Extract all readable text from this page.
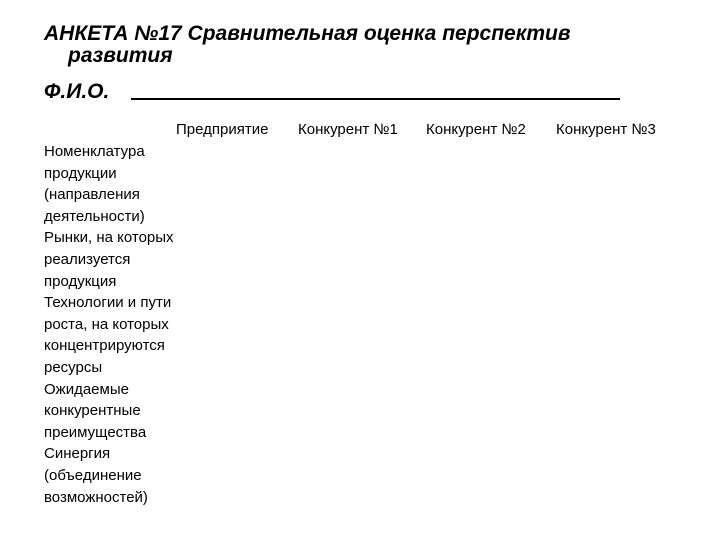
АНКЕТА №17 Сравнительная оценка перспектив
развития
Ф.И.О.
Предприятие Конкурент №1 Конкурент №2 Конкурент №3
Номенклатура
продукции
(направления
деятельности)
Рынки, на которых
реализуется
продукция
Технологии и пути
роста, на которых
концентрируются
ресурсы
Ожидаемые
конкурентные
преимущества
Синергия
(объединение
возможностей)
